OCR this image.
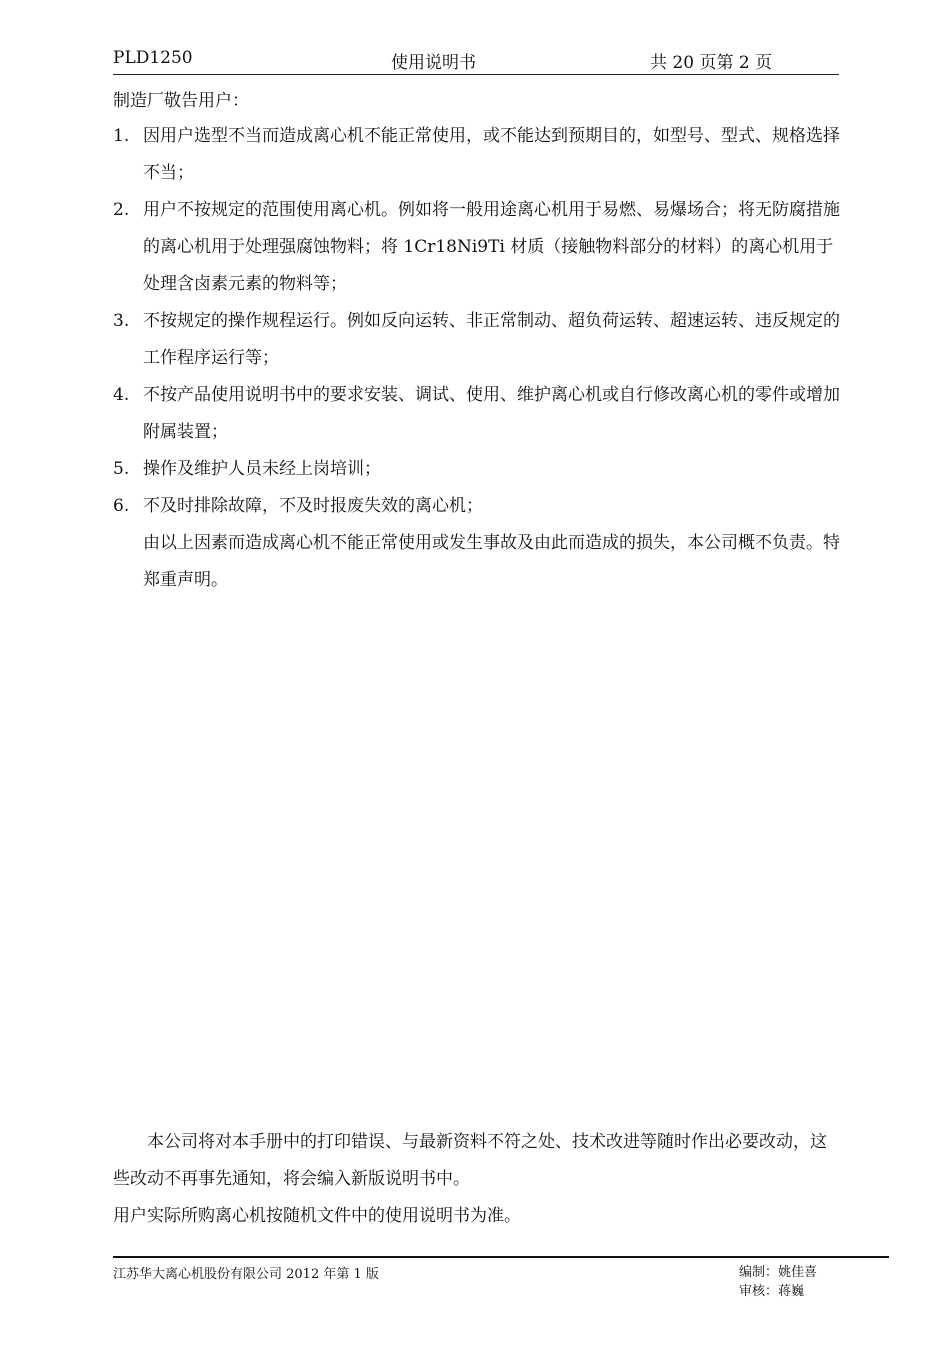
PLD1250	使用说明书	共 20 页第 2 页
制造厂敬告用户：
1. 因用户选型不当而造成离心机不能正常使用，或不能达到预期目的，如型号、型式、规格选择不当；
2. 用户不按规定的范围使用离心机。例如将一般用途离心机用于易燃、易爆场合；将无防腐措施的离心机用于处理强腐蚀物料；将 1Cr18Ni9Ti 材质（接触物料部分的材料）的离心机用于处理含卤素元素的物料等；
3. 不按规定的操作规程运行。例如反向运转、非正常制动、超负荷运转、超速运转、违反规定的工作程序运行等；
4. 不按产品使用说明书中的要求安装、调试、使用、维护离心机或自行修改离心机的零件或增加附属装置；
5. 操作及维护人员未经上岗培训；
6. 不及时排除故障，不及时报废失效的离心机；
由以上因素而造成离心机不能正常使用或发生事故及由此而造成的损失，本公司概不负责。特郑重声明。

本公司将对本手册中的打印错误、与最新资料不符之处、技术改进等随时作出必要改动，这些改动不再事先通知，将会编入新版说明书中。

用户实际所购离心机按随机文件中的使用说明书为准。

江苏华大离心机股份有限公司 2012 年第 1 版	编制：姚佳喜
审核：蒋巍
